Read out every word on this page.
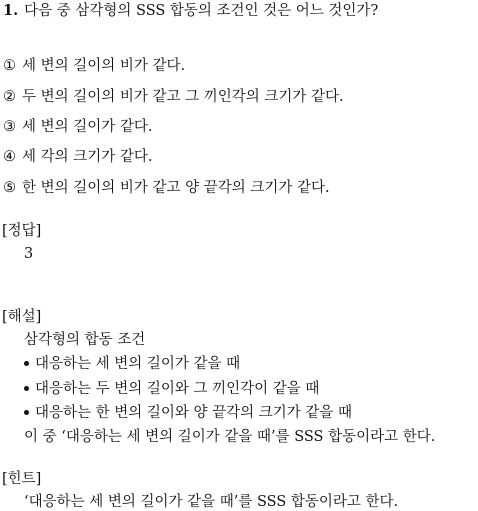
1. 다음 중 삼각형의 SSS 합동의 조건인 것은 어느 것인가?
① 세 변의 길이의 비가 같다.
② 두 변의 길이의 비가 같고 그 끼인각의 크기가 같다.
③ 세 변의 길이가 같다.
④ 세 각의 크기가 같다.
⑤ 한 변의 길이의 비가 같고 양 끝각의 크기가 같다.
[정답]
3
[해설]
삼각형의 합동 조건
대응하는 세 변의 길이가 같을 때
대응하는 두 변의 길이와 그 끼인각이 같을 때
대응하는 한 변의 길이와 양 끝각의 크기가 같을 때
이 중 ‘대응하는 세 변의 길이가 같을 때’를 SSS 합동이라고 한다.
[힌트]
‘대응하는 세 변의 길이가 같을 때’를 SSS 합동이라고 한다.
